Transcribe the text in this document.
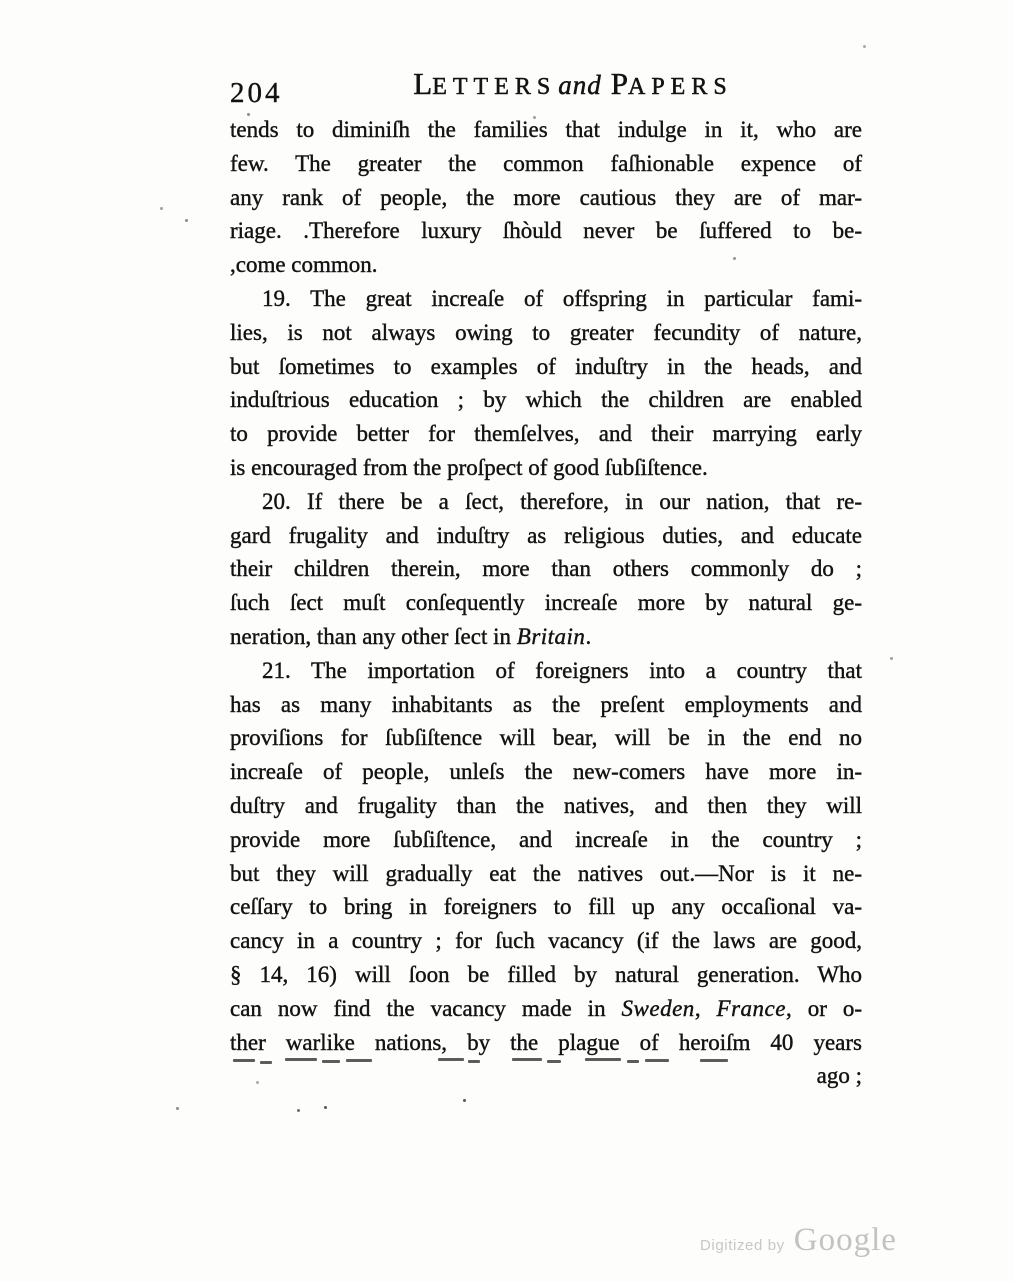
204	LETTERSand PAPERS
tends to diminiſh the families that indulge in it, who are
few. The greater the common faſhionable expence of
any rank of people, the more cautious they are of mar-
riage. .Therefore luxury ſhòuld never be ſuffered to be-
,come common.
19. The great increaſe of offspring in particular fami-
lies, is not always owing to greater fecundity of nature,
but ſometimes to examples of induſtry in the heads, and
induſtrious education ; by which the children are enabled
to provide better for themſelves, and their marrying early
is encouraged from the proſpect of good ſubſiſtence.
20. If there be a ſect, therefore, in our nation, that re-
gard frugality and induſtry as religious duties, and educate
their children therein, more than others commonly do ;
ſuch ſect muſt conſequently increaſe more by natural ge-
neration, than any other ſect in Britain.
21. The importation of foreigners into a country that
has as many inhabitants as the preſent employments and
proviſions for ſubſiſtence will bear, will be in the end no
increaſe of people, unleſs the new-comers have more in-
duſtry and frugality than the natives, and then they will
provide more ſubſiſtence, and increaſe in the country ;
but they will gradually eat the natives out.—Nor is it ne-
ceſſary to bring in foreigners to fill up any occaſional va-
cancy in a country ; for ſuch vacancy (if the laws are good,
§ 14, 16) will ſoon be filled by natural generation. Who
can now find the vacancy made in Sweden, France, or o-
ther warlike nations, by the plague of heroiſm 40 years
ago ;
Digitized by Google
